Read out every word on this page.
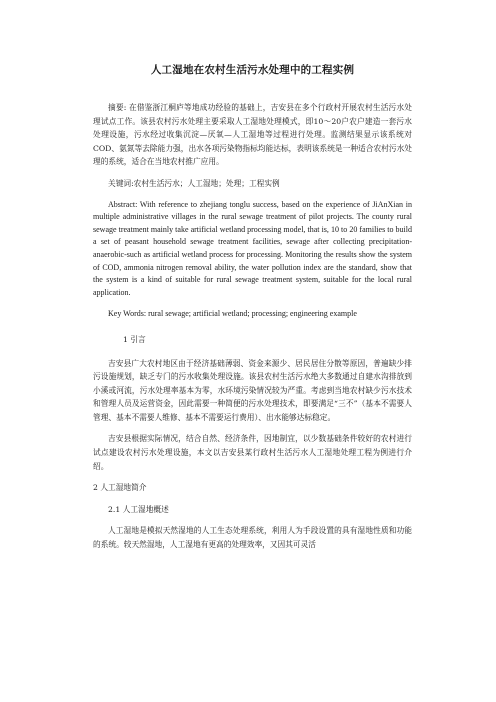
人工湿地在农村生活污水处理中的工程实例

摘要: 在借鉴浙江桐庐等地成功经验的基础上，吉安县在多个行政村开展农村生活污水处理试点工作。该县农村污水处理主要采取人工湿地处理模式，即10～20户农户建造一套污水处理设施，污水经过收集沉淀—厌氧—人工湿地等过程进行处理。监测结果显示该系统对COD、氨氮等去除能力强，出水各项污染物指标均能达标，表明该系统是一种适合农村污水处理的系统，适合在当地农村推广应用。

关键词:农村生活污水；人工湿地；处理；工程实例

Abstract: With reference to zhejiang tonglu success, based on the experience of JiAnXian in multiple administrative villages in the rural sewage treatment of pilot projects. The county rural sewage treatment mainly take artificial wetland processing model, that is, 10 to 20 families to build a set of peasant household sewage treatment facilities, sewage after collecting precipitation-anaerobic-such as artificial wetland process for processing. Monitoring the results show the system of COD, ammonia nitrogen removal ability, the water pollution index are the standard, show that the system is a kind of suitable for rural sewage treatment system, suitable for the local rural application.

Key Words: rural sewage; artificial wetland; processing; engineering example

1 引言

吉安县广大农村地区由于经济基础薄弱、资金来源少、居民居住分散等原因，普遍缺少排污设施规划，缺乏专门的污水收集处理设施。该县农村生活污水绝大多数通过自建水沟排放到小溪或河流，污水处理率基本为零，水环境污染情况较为严重。考虑到当地农村缺少污水技术和管理人员及运营资金，因此需要一种简便的污水处理技术，即要满足“三不”（基本不需要人管理、基本不需要人维修、基本不需要运行费用）、出水能够达标稳定。

吉安县根据实际情况，结合自然、经济条件，因地制宜，以少数基础条件较好的农村进行试点建设农村污水处理设施，本文以吉安县某行政村生活污水人工湿地处理工程为例进行介绍。

2 人工湿地简介

2.1 人工湿地概述

人工湿地是模拟天然湿地的人工生态处理系统，利用人为手段设置的具有湿地性质和功能的系统。较天然湿地，人工湿地有更高的处理效率，又因其可灵活
